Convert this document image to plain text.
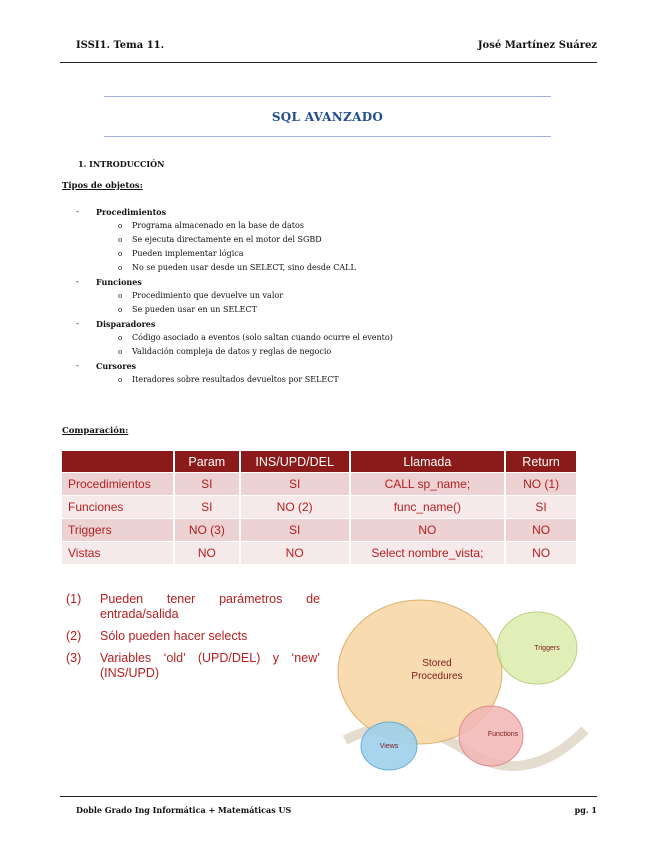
ISSI1. Tema 11.	José Martínez Suárez
SQL AVANZADO
1. INTRODUCCIÓN
Tipos de objetos:
- Procedimientos
o Programa almacenado en la base de datos
o Se ejecuta directamente en el motor del SGBD
o Pueden implementar lógica
o No se pueden usar desde un SELECT, sino desde CALL
- Funciones
o Procedimiento que devuelve un valor
o Se pueden usar en un SELECT
- Disparadores
o Código asociado a eventos (solo saltan cuando ocurre el evento)
o Validación compleja de datos y reglas de negocio
- Cursores
o Iteradores sobre resultados devueltos por SELECT
Comparación:
	Param	INS/UPD/DEL	Llamada	Return
Procedimientos	SI	SI	CALL sp_name;	NO (1)
Funciones	SI	NO (2)	func_name()	SI
Triggers	NO (3)	SI	NO	NO
Vistas	NO	NO	Select nombre_vista;	NO
(1) Pueden tener parámetros de entrada/salida
(2) Sólo pueden hacer selects
(3) Variables ‘old’ (UPD/DEL) y ‘new’ (INS/UPD)
Stored
Procedures
Triggers
Functions
Views
Doble Grado Ing Informática + Matemáticas US	pg. 1
